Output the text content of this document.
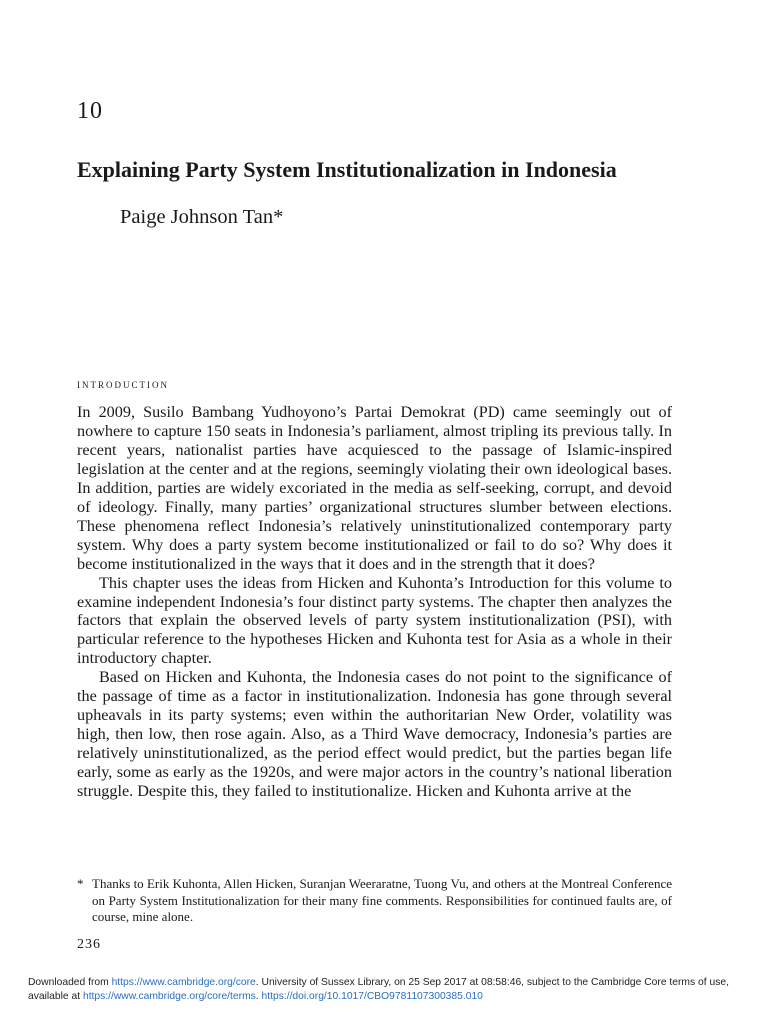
10
Explaining Party System Institutionalization in Indonesia
Paige Johnson Tan*
introduction

In 2009, Susilo Bambang Yudhoyono’s Partai Demokrat (PD) came seemingly out of nowhere to capture 150 seats in Indonesia’s parliament, almost tripling its previous tally. In recent years, nationalist parties have acquiesced to the passage of Islamic-inspired legislation at the center and at the regions, seemingly violating their own ideological bases. In addition, parties are widely excoriated in the media as self-seeking, corrupt, and devoid of ideology. Finally, many parties’ organizational structures slumber between elections. These phenomena reflect Indonesia’s relatively uninstitutionalized contemporary party system. Why does a party system become institutionalized or fail to do so? Why does it become institutionalized in the ways that it does and in the strength that it does?

This chapter uses the ideas from Hicken and Kuhonta’s Introduction for this volume to examine independent Indonesia’s four distinct party systems. The chapter then analyzes the factors that explain the observed levels of party system institutionalization (PSI), with particular reference to the hypotheses Hicken and Kuhonta test for Asia as a whole in their introductory chapter.

Based on Hicken and Kuhonta, the Indonesia cases do not point to the significance of the passage of time as a factor in institutionalization. Indonesia has gone through several upheavals in its party systems; even within the authoritarian New Order, volatility was high, then low, then rose again. Also, as a Third Wave democracy, Indonesia’s parties are relatively uninstitutionalized, as the period effect would predict, but the parties began life early, some as early as the 1920s, and were major actors in the country’s national liberation struggle. Despite this, they failed to institutionalize. Hicken and Kuhonta arrive at the

* Thanks to Erik Kuhonta, Allen Hicken, Suranjan Weeraratne, Tuong Vu, and others at the Montreal Conference on Party System Institutionalization for their many fine comments. Responsibilities for continued faults are, of course, mine alone.
236
Downloaded from https://www.cambridge.org/core. University of Sussex Library, on 25 Sep 2017 at 08:58:46, subject to the Cambridge Core terms of use, available at https://www.cambridge.org/core/terms. https://doi.org/10.1017/CBO9781107300385.010
